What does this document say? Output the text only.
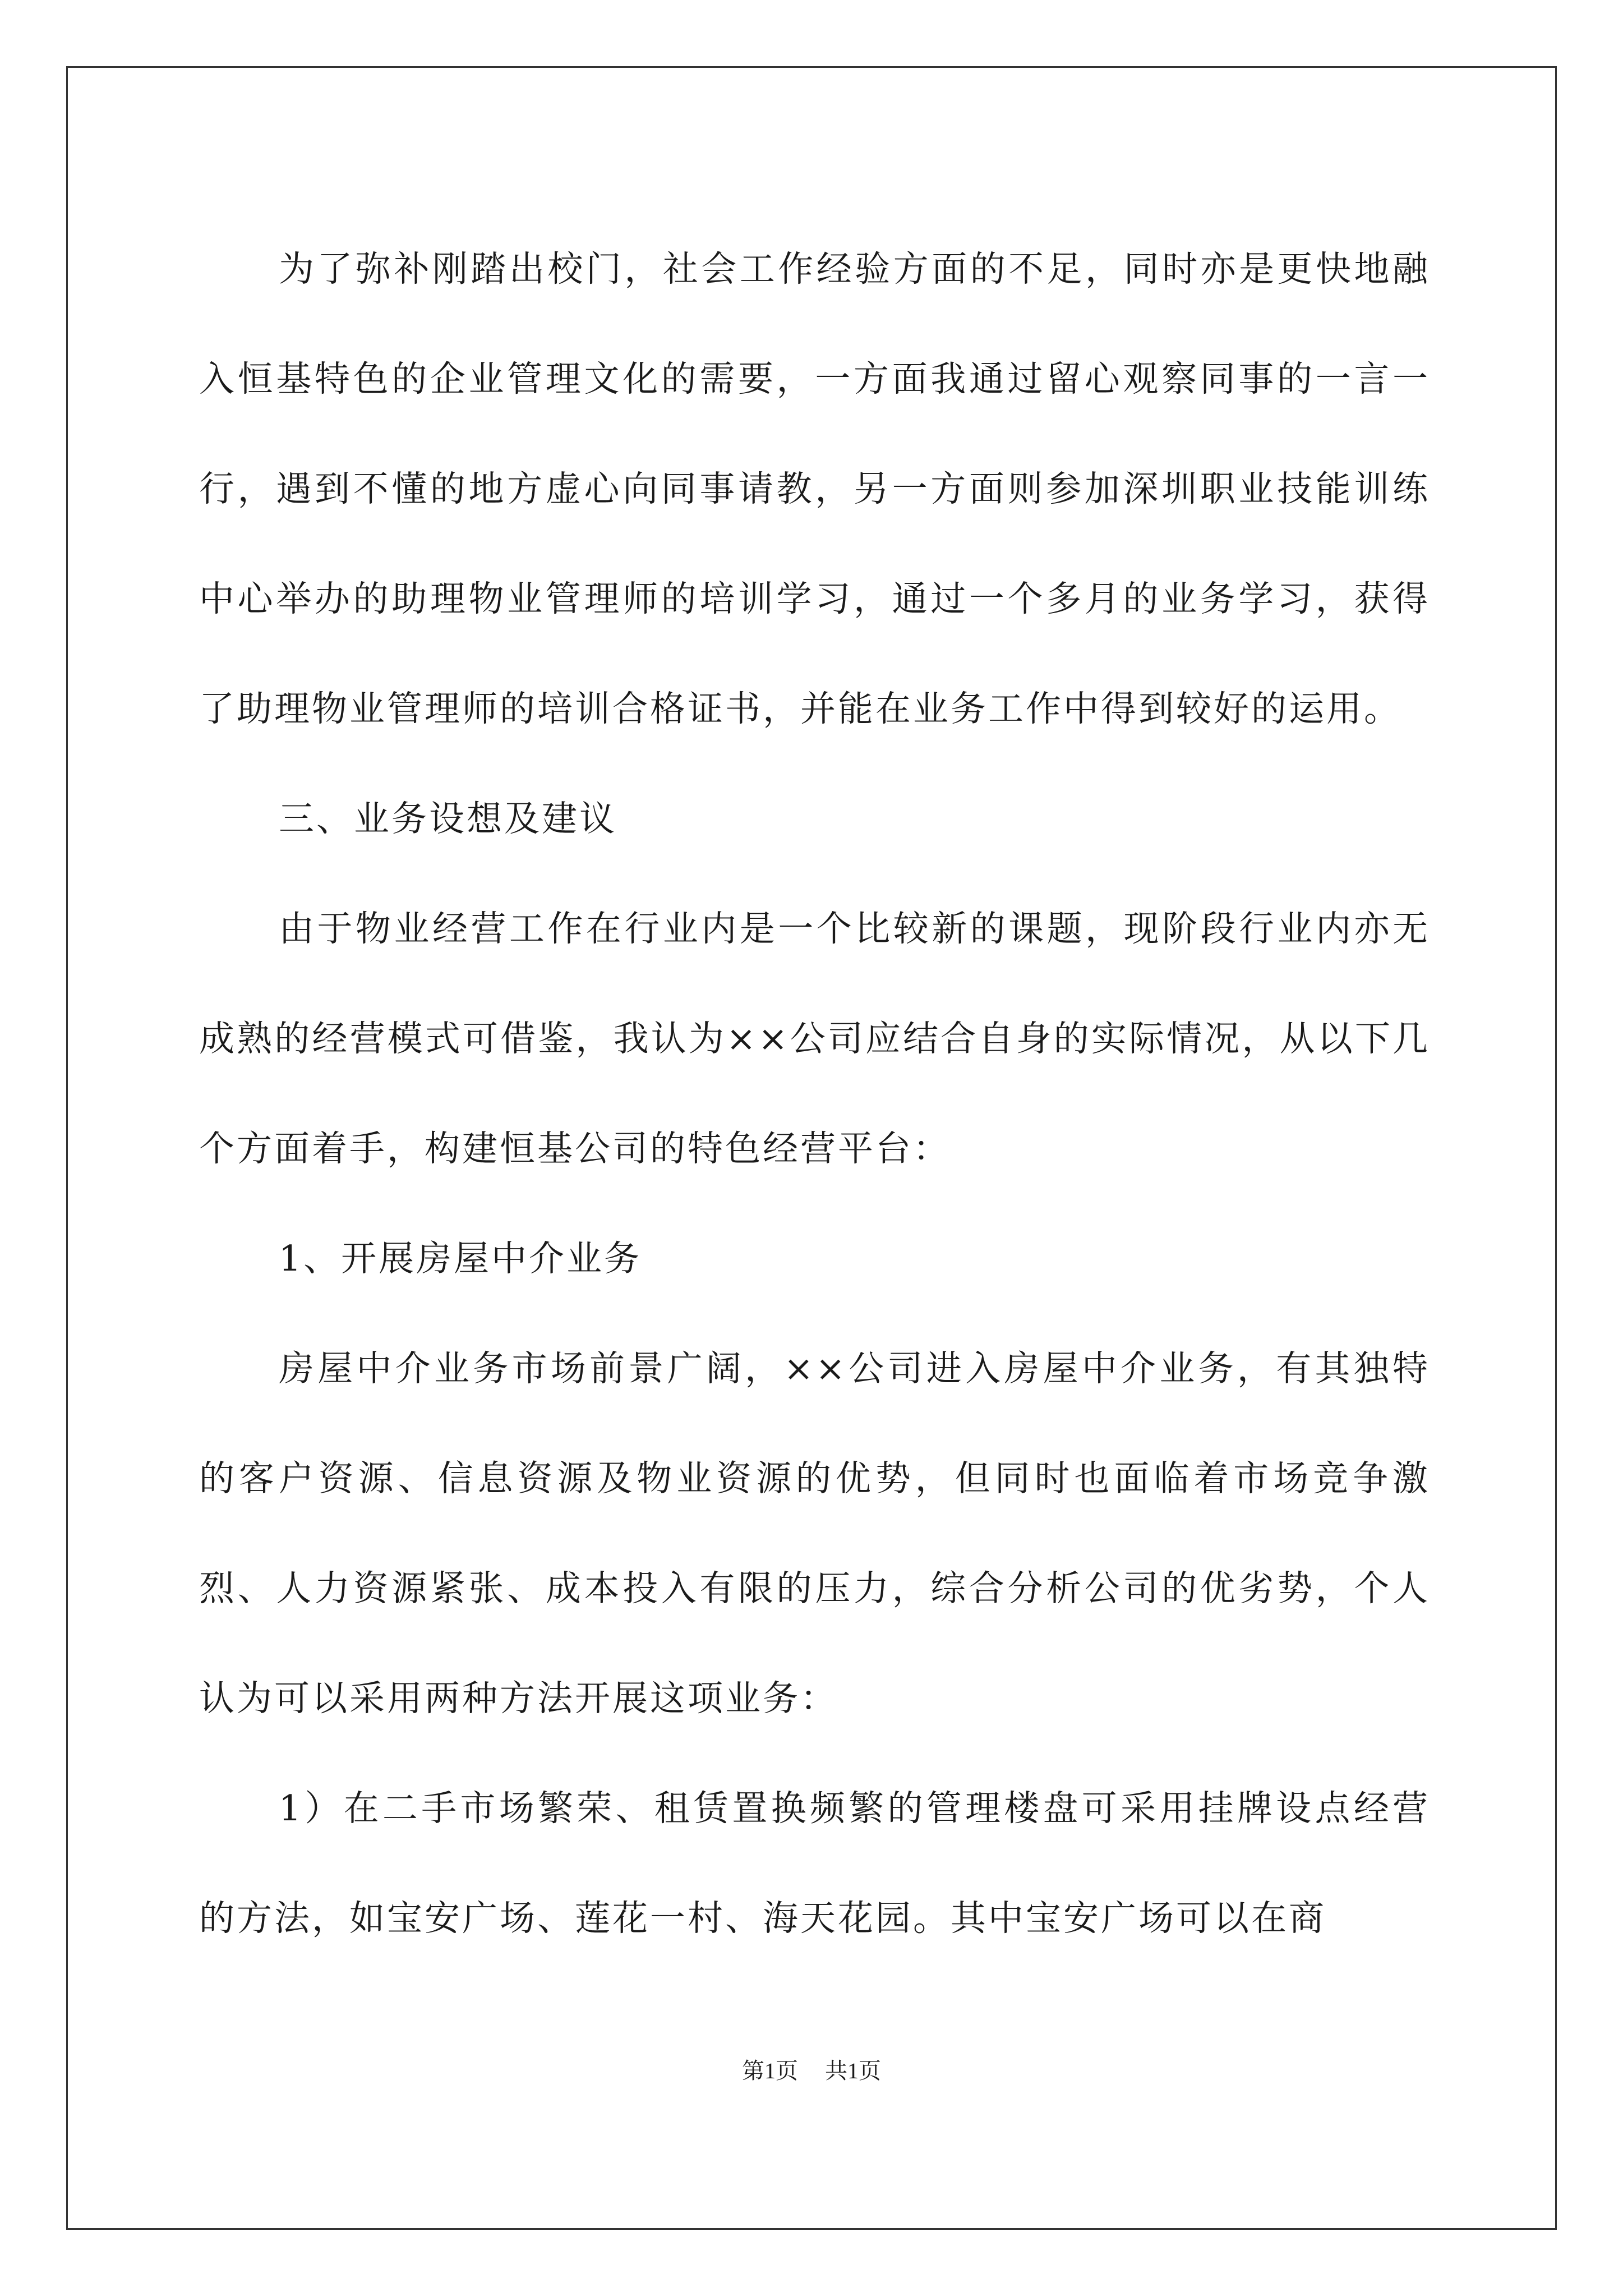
为了弥补刚踏出校门，社会工作经验方面的不足，同时亦是更快地融入恒基特色的企业管理文化的需要，一方面我通过留心观察同事的一言一行，遇到不懂的地方虚心向同事请教，另一方面则参加深圳职业技能训练中心举办的助理物业管理师的培训学习，通过一个多月的业务学习，获得了助理物业管理师的培训合格证书，并能在业务工作中得到较好的运用。

三、业务设想及建议

由于物业经营工作在行业内是一个比较新的课题，现阶段行业内亦无成熟的经营模式可借鉴，我认为××公司应结合自身的实际情况，从以下几个方面着手，构建恒基公司的特色经营平台：

1、开展房屋中介业务

房屋中介业务市场前景广阔，××公司进入房屋中介业务，有其独特的客户资源、信息资源及物业资源的优势，但同时也面临着市场竞争激烈、人力资源紧张、成本投入有限的压力，综合分析公司的优劣势，个人认为可以采用两种方法开展这项业务：

1）在二手市场繁荣、租赁置换频繁的管理楼盘可采用挂牌设点经营的方法，如宝安广场、莲花一村、海天花园。其中宝安广场可以在商

第1页 共1页
